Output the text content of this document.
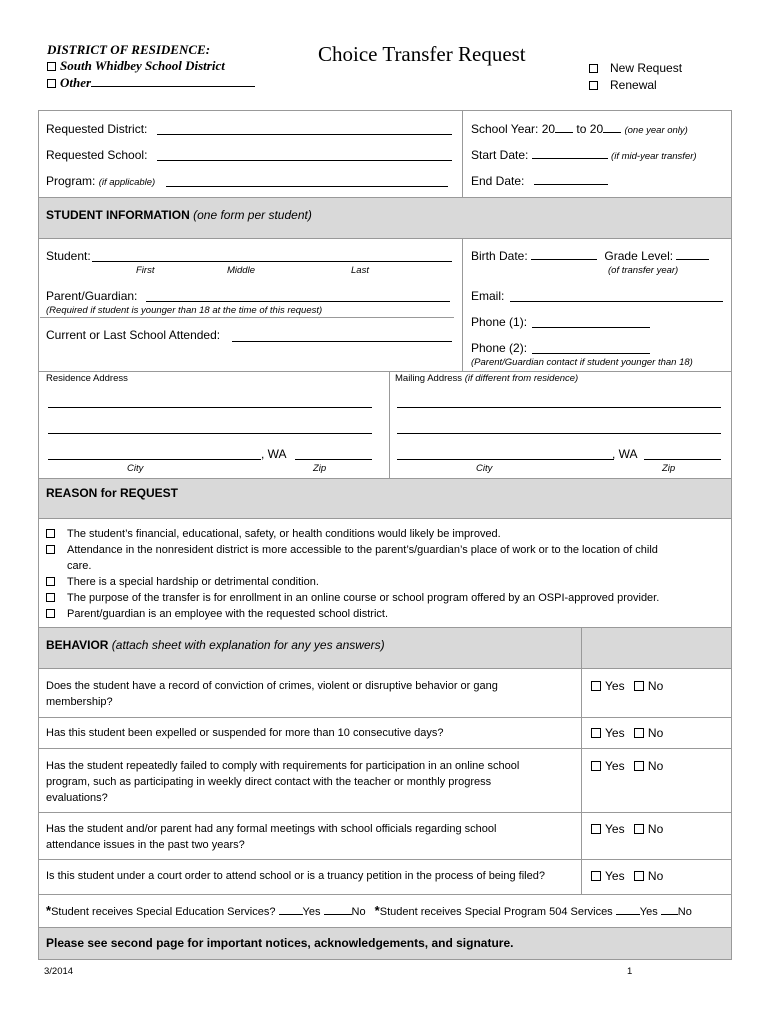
DISTRICT OF RESIDENCE:
South Whidbey School District
Other
Choice Transfer Request
New Request
Renewal
Requested District:
Requested School:
Program: (if applicable)
School Year: 20 to 20 (one year only)
Start Date:	(if mid-year transfer)
End Date:
STUDENT INFORMATION (one form per student)
Student:
First	Middle	Last
Birth Date:	Grade Level:
(of transfer year)
Parent/Guardian:
(Required if student is younger than 18 at the time of this request)
Current or Last School Attended:
Email:
Phone (1):
Phone (2):
(Parent/Guardian contact if student younger than 18)
Residence Address	Mailing Address (if different from residence)
, WA
City	Zip
, WA
City	Zip
REASON for REQUEST
The student’s financial, educational, safety, or health conditions would likely be improved.
Attendance in the nonresident district is more accessible to the parent’s/guardian’s place of work or to the location of child
care.
There is a special hardship or detrimental condition.
The purpose of the transfer is for enrollment in an online course or school program offered by an OSPI-approved provider.
Parent/guardian is an employee with the requested school district.
BEHAVIOR (attach sheet with explanation for any yes answers)
Does the student have a record of conviction of crimes, violent or disruptive behavior or gang
membership?
Yes No
Has this student been expelled or suspended for more than 10 consecutive days?	Yes No
Has the student repeatedly failed to comply with requirements for participation in an online school
program, such as participating in weekly direct contact with the teacher or monthly progress
evaluations?
Yes No
Has the student and/or parent had any formal meetings with school officials regarding school
attendance issues in the past two years?
Yes No
Is this student under a court order to attend school or is a truancy petition in the process of being filed?	Yes No
*Student receives Special Education Services? Yes	No *Student receives Special Program 504 Services Yes No
Please see second page for important notices, acknowledgements, and signature.
3/2014	1
